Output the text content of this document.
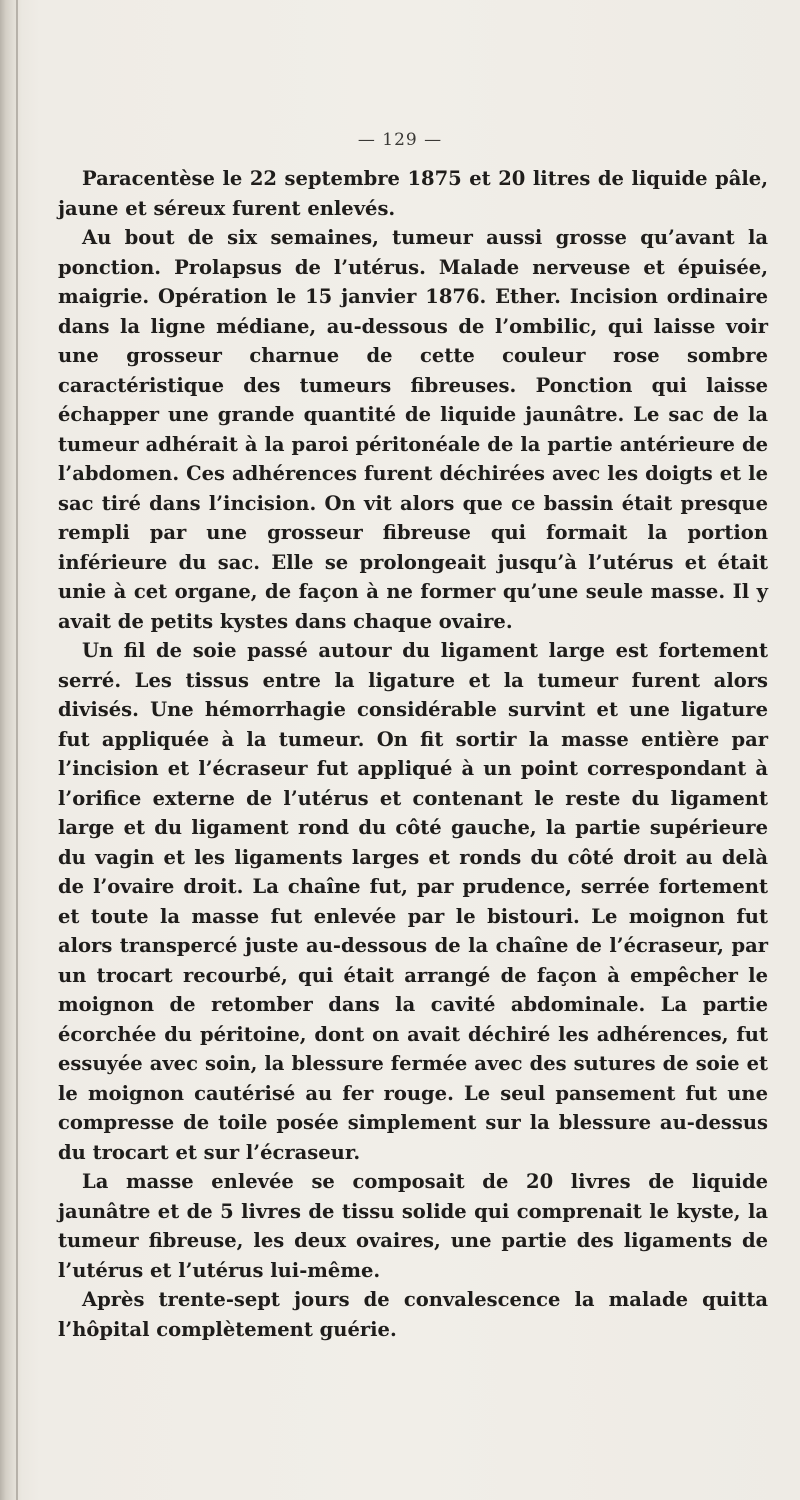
— 129 —

Paracentèse le 22 septembre 1875 et 20 litres de liquide pâle, jaune et séreux furent enlevés.

Au bout de six semaines, tumeur aussi grosse qu’avant la ponction. Prolapsus de l’utérus. Malade nerveuse et épuisée, maigrie. Opération le 15 janvier 1876. Ether. Incision ordinaire dans la ligne médiane, au-dessous de l’ombilic, qui laisse voir une grosseur charnue de cette couleur rose sombre caractéristique des tumeurs fibreuses. Ponction qui laisse échapper une grande quantité de liquide jaunâtre. Le sac de la tumeur adhérait à la paroi péritonéale de la partie antérieure de l’abdomen. Ces adhérences furent déchirées avec les doigts et le sac tiré dans l’incision. On vit alors que ce bassin était presque rempli par une grosseur fibreuse qui formait la portion inférieure du sac. Elle se prolongeait jusqu’à l’utérus et était unie à cet organe, de façon à ne former qu’une seule masse. Il y avait de petits kystes dans chaque ovaire.

Un fil de soie passé autour du ligament large est fortement serré. Les tissus entre la ligature et la tumeur furent alors divisés. Une hémorrhagie considérable survint et une ligature fut appliquée à la tumeur. On fit sortir la masse entière par l’incision et l’écraseur fut appliqué à un point correspondant à l’orifice externe de l’utérus et contenant le reste du ligament large et du ligament rond du côté gauche, la partie supérieure du vagin et les ligaments larges et ronds du côté droit au delà de l’ovaire droit. La chaîne fut, par prudence, serrée fortement et toute la masse fut enlevée par le bistouri. Le moignon fut alors transpercé juste au-dessous de la chaîne de l’écraseur, par un trocart recourbé, qui était arrangé de façon à empêcher le moignon de retomber dans la cavité abdominale. La partie écorchée du péritoine, dont on avait déchiré les adhérences, fut essuyée avec soin, la blessure fermée avec des sutures de soie et le moignon cautérisé au fer rouge. Le seul pansement fut une compresse de toile posée simplement sur la blessure au-dessus du trocart et sur l’écraseur.

La masse enlevée se composait de 20 livres de liquide jaunâtre et de 5 livres de tissu solide qui comprenait le kyste, la tumeur fibreuse, les deux ovaires, une partie des ligaments de l’utérus et l’utérus lui-même.

Après trente-sept jours de convalescence la malade quitta l’hôpital complètement guérie.
